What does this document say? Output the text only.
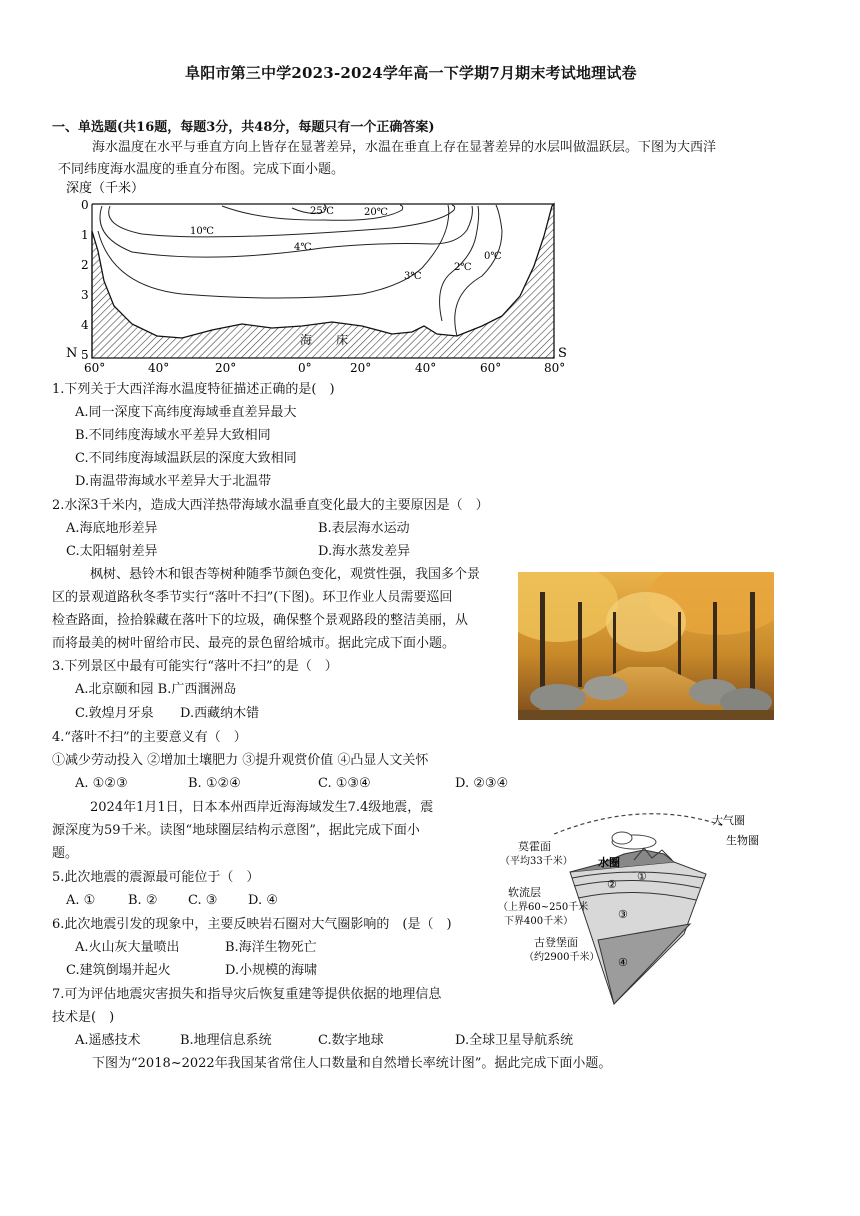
阜阳市第三中学2023-2024学年高一下学期7月期末考试地理试卷
一、单选题(共16题，每题3分，共48分，每题只有一个正确答案)
海水温度在水平与垂直方向上皆存在显著差异，水温在垂直上存在显著差异的水层叫做温跃层。下图为大西洋
不同纬度海水温度的垂直分布图。完成下面小题。
25℃	20℃
10℃
4℃
3℃
2℃
0℃
海　　床
深度（千米）
0
1
2
3
4
5
N	S
60°	40°	20°	0°	20°	40°	60°	80°
1.下列关于大西洋海水温度特征描述正确的是(　)
A.同一深度下高纬度海域垂直差异最大
B.不同纬度海域水平差异大致相同
C.不同纬度海域温跃层的深度大致相同
D.南温带海域水平差异大于北温带
2.水深3千米内，造成大西洋热带海域水温垂直变化最大的主要原因是（　）
A.海底地形差异	B.表层海水运动
C.太阳辐射差异	D.海水蒸发差异
枫树、悬铃木和银杏等树种随季节颜色变化，观赏性强，我国多个景
区的景观道路秋冬季节实行“落叶不扫”(下图)。环卫作业人员需要巡回
检查路面，捡拾躲藏在落叶下的垃圾，确保整个景观路段的整洁美丽，从
而将最美的树叶留给市民、最亮的景色留给城市。据此完成下面小题。
3.下列景区中最有可能实行“落叶不扫”的是（　）
A.北京颐和园 B.广西涠洲岛
C.敦煌月牙泉 D.西藏纳木错
4.“落叶不扫”的主要意义有（　）
①减少劳动投入 ②增加土壤肥力 ③提升观赏价值 ④凸显人文关怀
A. ①②③	B. ①②④	C. ①③④	D. ②③④
2024年1月1日，日本本州西岸近海海域发生7.4级地震，震
源深度为59千米。读图“地球圈层结构示意图”，据此完成下面小
题。
大气圈
生物圈
水圈
①
②
③
④
莫霍面
（平均33千米）
软流层
（上界60~250千米
下界400千米）
古登堡面
（约2900千米）
5.此次地震的震源最可能位于（　）
A. ①	B. ② C. ③ D. ④
6.此次地震引发的现象中，主要反映岩石圈对大气圈影响的　(是（　)
A.火山灰大量喷出	B.海洋生物死亡
C.建筑倒塌并起火	D.小规模的海啸
7.可为评估地震灾害损失和指导灾后恢复重建等提供依据的地理信息
技术是(　)
A.遥感技术	B.地理信息系统	C.数字地球	D.全球卫星导航系统
下图为“2018~2022年我国某省常住人口数量和自然增长率统计图”。据此完成下面小题。
